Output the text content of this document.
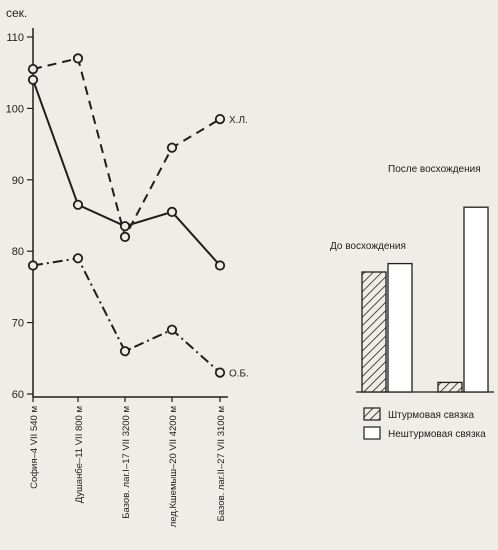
сек.
60
70
80
90
100
110
София–4 VII 540 м	Душанбе–11 VII 800 м	Базов. лаг.I–17 VII 3200 м	лед.Кшемыш–20 VII 4200 м	Базов. лаг.II–27 VII 3100 м
Х.Л.
О.Б.
До восхождения
После восхождения
Штурмовая связка
Нештурмовая связка
